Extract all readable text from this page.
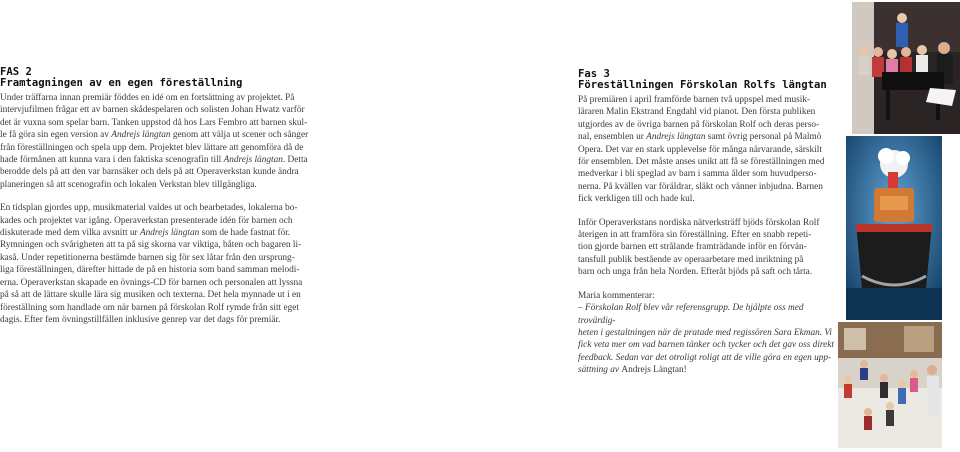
FAS 2
Framtagningen av en egen föreställning

Under träffarna innan premiär föddes en idé om en fortsättning av projektet. På
intervjufilmen frågar ett av barnen skådespelaren och solisten Johan Hwatz varför
det är vuxna som spelar barn. Tanken uppstod då hos Lars Fembro att barnen skul-
le få göra sin egen version av Andrejs längtan genom att välja ut scener och sånger
från föreställningen och spela upp dem. Projektet blev lättare att genomföra då de
hade förmånen att kunna vara i den faktiska scenografin till Andrejs längtan. Detta
berodde dels på att den var barnsäker och dels på att Operaverkstan kunde ändra
planeringen så att scenografin och lokalen Verkstan blev tillgängliga.

En tidsplan gjordes upp, musikmaterial valdes ut och bearbetades, lokalerna bo-
kades och projektet var igång. Operaverkstan presenterade idén för barnen och
diskuterade med dem vilka avsnitt ur Andrejs längtan som de hade fastnat för.
Rymningen och svårigheten att ta på sig skorna var viktiga, båten och bagaren li-
kaså. Under repetitionerna bestämde barnen sig för sex låtar från den ursprung-
liga föreställningen, därefter hittade de på en historia som band samman melodi-
erna. Operaverkstan skapade en övnings-CD för barnen och personalen att lyssna
på så att de lättare skulle lära sig musiken och texterna. Det hela mynnade ut i en
föreställning som handlade om när barnen på förskolan Rolf rymde från sitt eget
dagis. Efter fem övningstillfällen inklusive genrep var det dags för premiär.

Fas 3
Föreställningen Förskolan Rolfs längtan

På premiären i april framförde barnen två uppspel med musik-
läraren Malin Ekstrand Engdahl vid pianot. Den första publiken
utgjordes av de övriga barnen på förskolan Rolf och deras perso-
nal, ensemblen ur Andrejs längtan samt övrig personal på Malmö
Opera. Det var en stark upplevelse för många närvarande, särskilt
för ensemblen. Det måste anses unikt att få se föreställningen med
medverkar i bli speglad av barn i samma ålder som huvudperso-
nerna. På kvällen var föräldrar, släkt och vänner inbjudna. Barnen
fick verkligen till och hade kul.

Inför Operaverkstans nordiska nätverksträff bjöds förskolan Rolf
återigen in att framföra sin föreställning. Efter en snabb repeti-
tion gjorde barnen ett strålande framträdande inför en förvän-
tansfull publik bestående av operaarbetare med inriktning på
barn och unga från hela Norden. Efteråt bjöds på saft och tårta.

Maria kommenterar:
– Förskolan Rolf blev vår referensgrupp. De hjälpte oss med trovärdig-
heten i gestaltningen när de pratade med regissören Sara Ekman. Vi
fick veta mer om vad barnen tänker och tycker och det gav oss direkt
feedback. Sedan var det otroligt roligt att de ville göra en egen upp-
sättning av Andrejs Längtan!
